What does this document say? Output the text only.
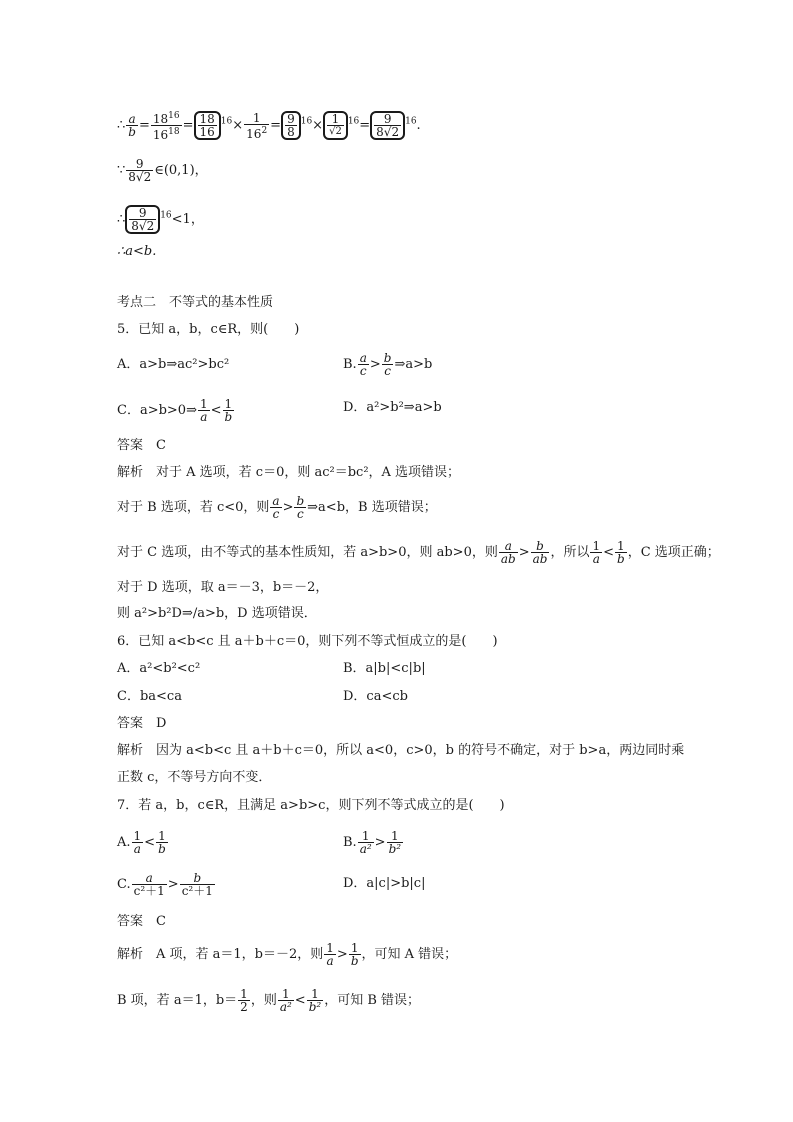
∴ $\frac{a}{b} = \frac{18^{16}}{16^{18}} = \frac{18}{16} ^{16}\times \frac{1}{16^2} = \frac{9}{8} ^{16}\times \frac{1}{√2} ^{16}= \frac{9}{8√2} ^{16}$.
∵ $\frac{9}{8√2}$ ∈(0,1)，
∴ $\frac{9}{8√2} ^{16}<1$，
∴a<b.
考点二　不等式的基本性质
5．已知 a，b，c∈R，则(　　)
A．a>b⇒ac²>bc²	B. $\frac{a}{c} > \frac{b}{c}$ ⇒a>b
C．a>b>0⇒ $\frac{1}{a} < \frac{1}{b}$	D．a²>b²⇒a>b
答案　C
解析　对于 A 选项，若 c＝0，则 ac²＝bc²，A 选项错误；
对于 B 选项，若 c<0，则 $\frac{a}{c} > \frac{b}{c}$ ⇒a<b，B 选项错误；
对于 C 选项，由不等式的基本性质知，若 a>b>0，则 ab>0，则 $\frac{a}{ab} > \frac{b}{ab}$ ，所以 $\frac{1}{a} < \frac{1}{b}$ ，C 选项正确；
对于 D 选项，取 a＝－3，b＝－2，
则 a²>b²D⇒/a>b，D 选项错误．
6．已知 a<b<c 且 a＋b＋c＝0，则下列不等式恒成立的是(　　)
A．a²<b²<c²	B．a|b|<c|b|
C．ba<ca	D．ca<cb
答案　D
解析　因为 a<b<c 且 a＋b＋c＝0，所以 a<0，c>0，b 的符号不确定，对于 b>a，两边同时乘
正数 c，不等号方向不变．
7．若 a，b，c∈R，且满足 a>b>c，则下列不等式成立的是(　　)
A. $\frac{1}{a} < \frac{1}{b}$	B. $\frac{1}{\text{a²}} > \frac{1}{\text{b²}}$
C. $\frac{a}{\text{c²＋1}} > \frac{b}{\text{c²＋1}}$	D．a|c|>b|c|
答案　C
解析　A 项，若 a＝1，b＝－2，则 $\frac{1}{a} > \frac{1}{b}$ ，可知 A 错误；
B 项，若 a＝1，$b= \frac{1}{2}$ ，则 $\frac{1}{\text{a²}} < \frac{1}{\text{b²}}$ ，可知 B 错误；
